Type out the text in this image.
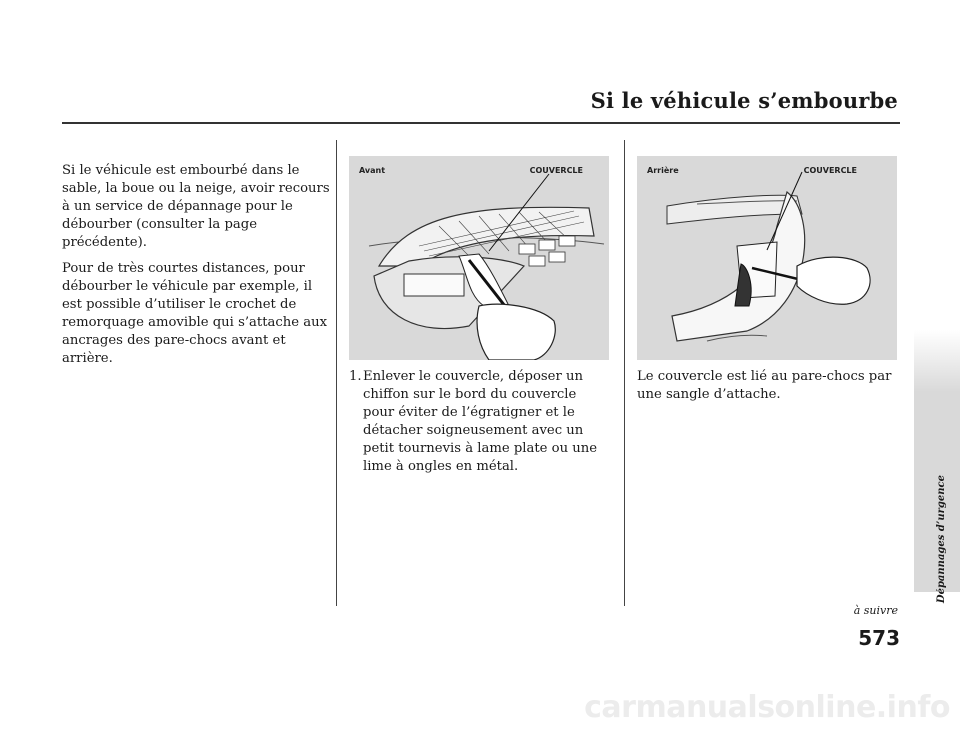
Si le véhicule s’embourbe

Si le véhicule est embourbé dans le sable, la boue ou la neige, avoir recours à un service de dépannage pour le débourber (consulter la page précédente).

Pour de très courtes distances, pour débourber le véhicule par exemple, il est possible d’utiliser le crochet de remorquage amovible qui s’attache aux ancrages des pare-chocs avant et arrière.

Avant	COUVERCLE	Arrière	COUVERCLE
1. Enlever le couvercle, déposer un chiffon sur le bord du couvercle pour éviter de l’égratigner et le détacher soigneusement avec un petit tournevis à lame plate ou une lime à ongles en métal.
Le couvercle est lié au pare-chocs par une sangle d’attache.
Dépannages d’urgence
à suivre
573
carmanualsonline.info
